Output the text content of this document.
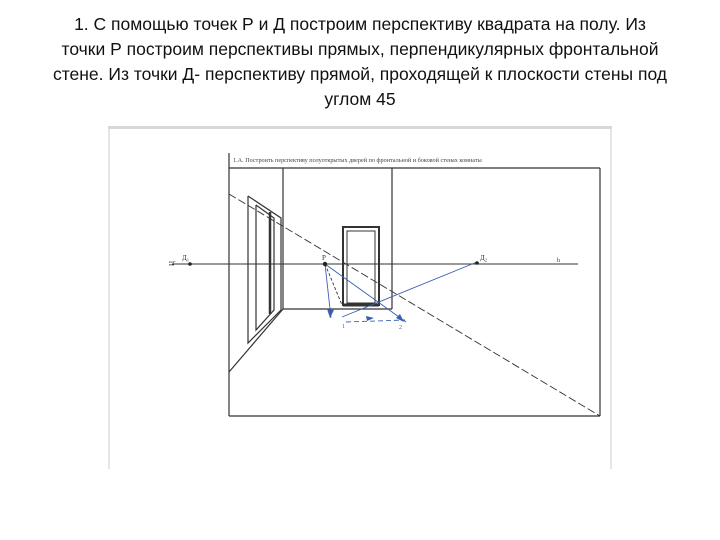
1. С помощью точек Р и Д построим перспективу квадрата на полу. Из
точки Р построим перспективы прямых, перпендикулярных фронтальной
стене. Из точки Д- перспективу прямой, проходящей к плоскости стены под
углом 45
1.А. Построить перспективу полуоткрытых дверей по фронтальной и боковой стенах комнаты
Д₁	Р	Д₂	h
Ц
1	2
